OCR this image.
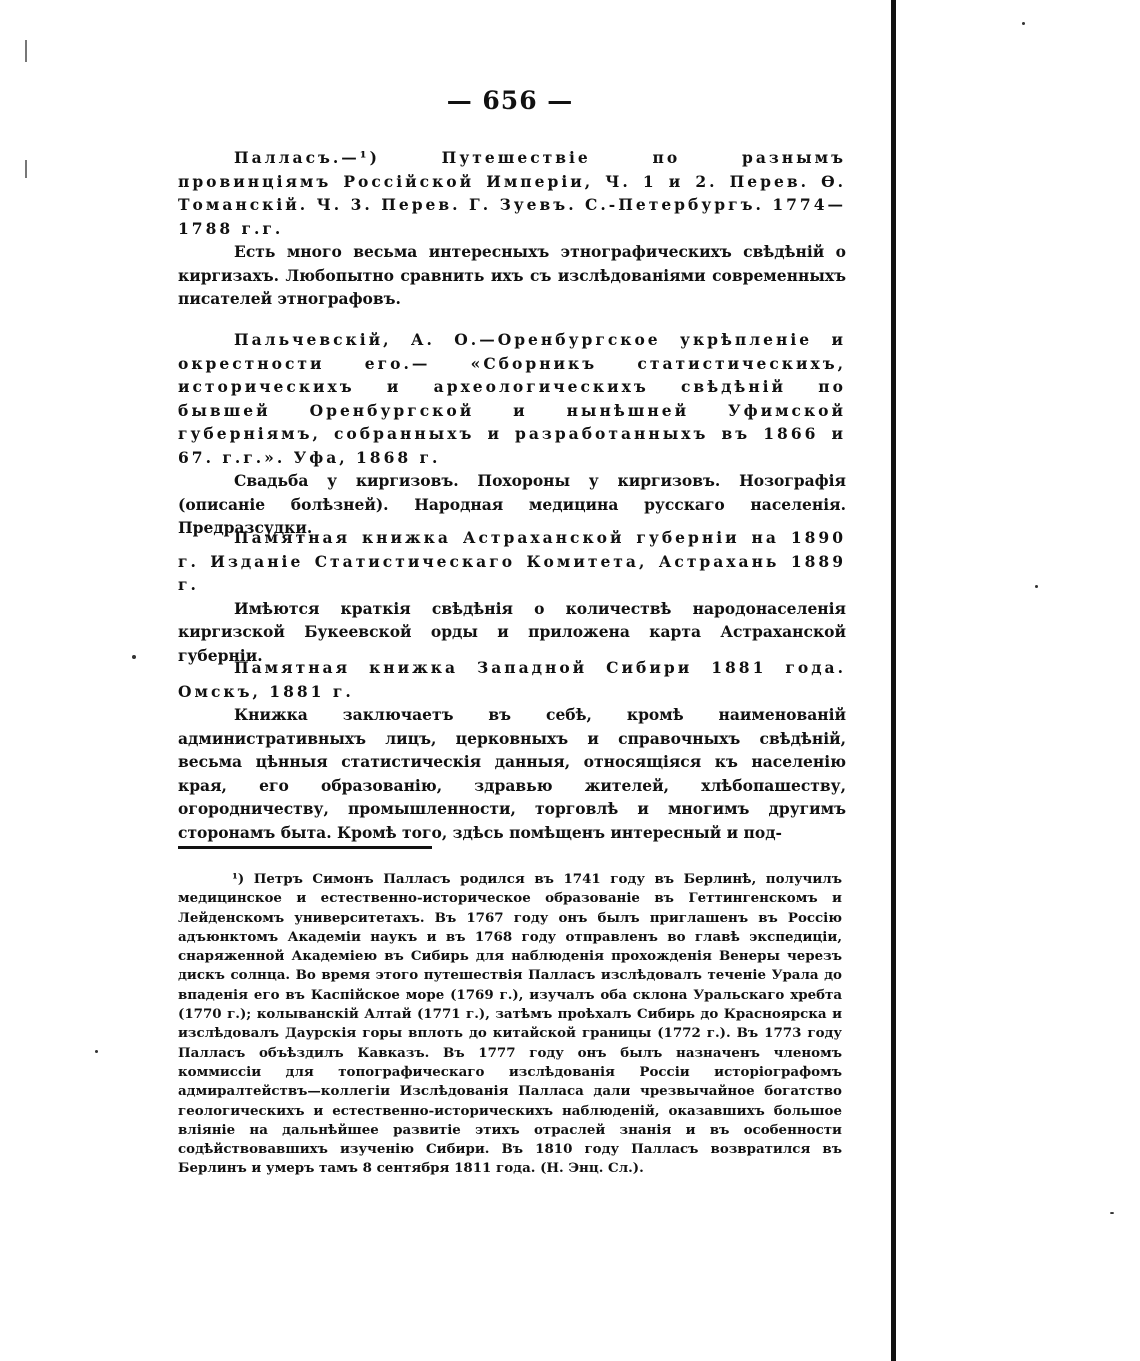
— 656 —

Палласъ.—¹) Путешествiе по разнымъ провинцiямъ Россiйской Имперiи, Ч. 1 и 2. Перев. Ө. Томанскiй. Ч. 3. Перев. Г. Зуевъ. С.-Петербургъ. 1774—1788 г.г.

Есть много весьма интересныхъ этнографическихъ свѣдѣнiй о киргизахъ. Любопытно сравнить ихъ съ изслѣдованiями современныхъ писателей этнографовъ.

Пальчевскiй, А. О.—Оренбургское укрѣпленiе и окрестности его.— «Сборникъ статистическихъ, историческихъ и археологическихъ свѣдѣнiй по бывшей Оренбургской и нынѣшней Уфимской губернiямъ, собранныхъ и разработанныхъ въ 1866 и 67. г.г.». Уфа, 1868 г.

Свадьба у киргизовъ. Похороны у киргизовъ. Нозографiя (описанiе болѣзней). Народная медицина русскаго населенiя. Предразсудки.

Памятная книжка Астраханской губернiи на 1890 г. Изданiе Статистическаго Комитета, Астрахань 1889 г.

Имѣются краткiя свѣдѣнiя о количествѣ народонаселенiя киргизской Букеевской орды и приложена карта Астраханской губернiи.

Памятная книжка Западной Сибири 1881 года. Омскъ, 1881 г.

Книжка заключаетъ въ себѣ, кромѣ наименованiй административныхъ лицъ, церковныхъ и справочныхъ свѣдѣнiй, весьма цѣнныя статистическiя данныя, относящiяся къ населенiю края, его образованiю, здравью жителей, хлѣбопашеству, огородничеству, промышленности, торговлѣ и многимъ другимъ сторонамъ быта. Кромѣ того, здѣсь помѣщенъ интересный и под-

¹) Петръ Симонъ Палласъ родился въ 1741 году въ Берлинѣ, получилъ медицинское и естественно-историческое образованiе въ Геттингенскомъ и Лейденскомъ университетахъ. Въ 1767 году онъ былъ приглашенъ въ Россiю адъюнктомъ Академiи наукъ и въ 1768 году отправленъ во главѣ экспедицiи, снаряженной Академiею въ Сибирь для наблюденiя прохожденiя Венеры черезъ дискъ солнца. Во время этого путешествiя Палласъ изслѣдовалъ теченiе Урала до впаденiя его въ Каспiйское море (1769 г.), изучалъ оба склона Уральскаго хребта (1770 г.); колыванскiй Алтай (1771 г.), затѣмъ проѣхалъ Сибирь до Красноярска и изслѣдовалъ Даурскiя горы вплоть до китайской границы (1772 г.). Въ 1773 году Палласъ объѣздилъ Кавказъ. Въ 1777 году онъ былъ назначенъ членомъ коммиссiи для топографическаго изслѣдованiя Россiи исторiографомъ адмиралтействъ—коллегiи Изслѣдованiя Палласа дали чрезвычайное богатство геологическихъ и естественно-историческихъ наблюденiй, оказавшихъ большое влiянiе на дальнѣйшее развитiе этихъ отраслей знанiя и въ особенности содѣйствовавшихъ изученiю Сибири. Въ 1810 году Палласъ возвратился въ Берлинъ и умеръ тамъ 8 сентября 1811 года. (Н. Энц. Сл.).
